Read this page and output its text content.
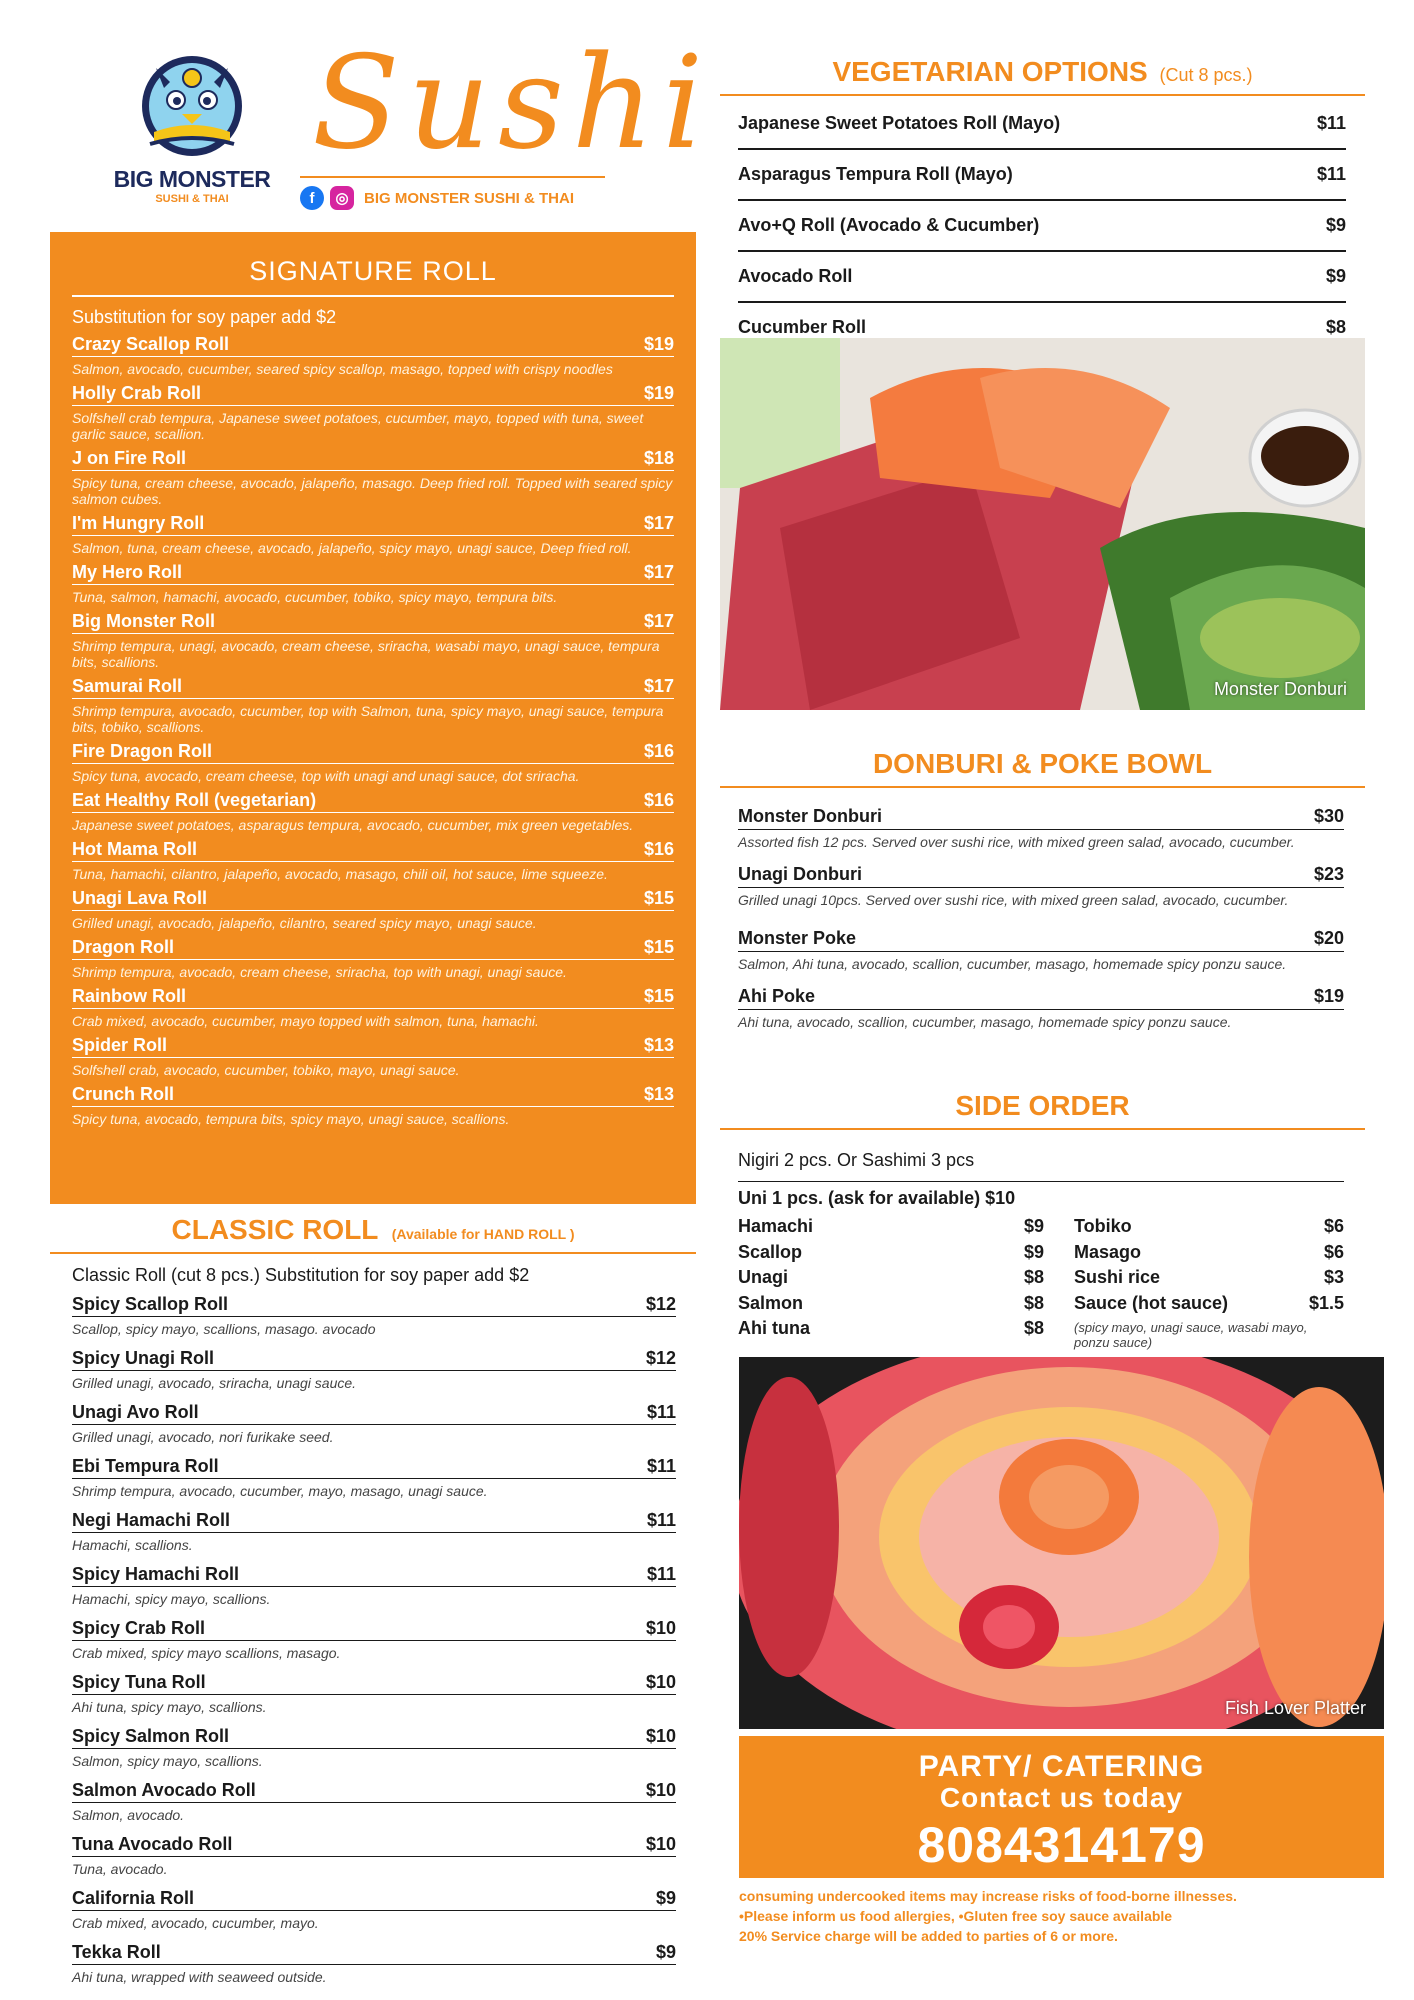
BIG MONSTER
SUSHI & THAI
Sushi
f	◎	BIG MONSTER SUSHI & THAI
SIGNATURE ROLL
Substitution for soy paper add $2
Crazy Scallop Roll	$19
Salmon, avocado, cucumber, seared spicy scallop, masago, topped with crispy noodles
Holly Crab Roll	$19
Solfshell crab tempura, Japanese sweet potatoes, cucumber, mayo, topped with tuna, sweet garlic sauce, scallion.
J on Fire Roll	$18
Spicy tuna, cream cheese, avocado, jalapeño, masago. Deep fried roll. Topped with seared spicy salmon cubes.
I'm Hungry Roll	$17
Salmon, tuna, cream cheese, avocado, jalapeño, spicy mayo, unagi sauce, Deep fried roll.
My Hero Roll	$17
Tuna, salmon, hamachi, avocado, cucumber, tobiko, spicy mayo, tempura bits.
Big Monster Roll	$17
Shrimp tempura, unagi, avocado, cream cheese, sriracha, wasabi mayo, unagi sauce, tempura bits, scallions.
Samurai Roll	$17
Shrimp tempura, avocado, cucumber, top with Salmon, tuna, spicy mayo, unagi sauce, tempura bits, tobiko, scallions.
Fire Dragon Roll	$16
Spicy tuna, avocado, cream cheese, top with unagi and unagi sauce, dot sriracha.
Eat Healthy Roll (vegetarian)	$16
Japanese sweet potatoes, asparagus tempura, avocado, cucumber, mix green vegetables.
Hot Mama Roll	$16
Tuna, hamachi, cilantro, jalapeño, avocado, masago, chili oil, hot sauce, lime squeeze.
Unagi Lava Roll	$15
Grilled unagi, avocado, jalapeño, cilantro, seared spicy mayo, unagi sauce.
Dragon Roll	$15
Shrimp tempura, avocado, cream cheese, sriracha, top with unagi, unagi sauce.
Rainbow Roll	$15
Crab mixed, avocado, cucumber, mayo topped with salmon, tuna, hamachi.
Spider Roll	$13
Solfshell crab, avocado, cucumber, tobiko, mayo, unagi sauce.
Crunch Roll	$13
Spicy tuna, avocado, tempura bits, spicy mayo, unagi sauce, scallions.
CLASSIC ROLL (Available for HAND ROLL )
Classic Roll (cut 8 pcs.) Substitution for soy paper add $2
Spicy Scallop Roll	$12
Scallop, spicy mayo, scallions, masago. avocado
Spicy Unagi Roll	$12
Grilled unagi, avocado, sriracha, unagi sauce.
Unagi Avo Roll	$11
Grilled unagi, avocado, nori furikake seed.
Ebi Tempura Roll	$11
Shrimp tempura, avocado, cucumber, mayo, masago, unagi sauce.
Negi Hamachi Roll	$11
Hamachi, scallions.
Spicy Hamachi Roll	$11
Hamachi, spicy mayo, scallions.
Spicy Crab Roll	$10
Crab mixed, spicy mayo scallions, masago.
Spicy Tuna Roll	$10
Ahi tuna, spicy mayo, scallions.
Spicy Salmon Roll	$10
Salmon, spicy mayo, scallions.
Salmon Avocado Roll	$10
Salmon, avocado.
Tuna Avocado Roll	$10
Tuna, avocado.
California Roll	$9
Crab mixed, avocado, cucumber, mayo.
Tekka Roll	$9
Ahi tuna, wrapped with seaweed outside.
VEGETARIAN OPTIONS (Cut 8 pcs.)
Japanese Sweet Potatoes Roll (Mayo)	$11
Asparagus Tempura Roll (Mayo)	$11
Avo+Q Roll (Avocado & Cucumber)	$9
Avocado Roll	$9
Cucumber Roll	$8
Monster Donburi
DONBURI & POKE BOWL
Monster Donburi	$30
Assorted fish 12 pcs. Served over sushi rice, with mixed green salad, avocado, cucumber.
Unagi Donburi	$23
Grilled unagi 10pcs. Served over sushi rice, with mixed green salad, avocado, cucumber.
Monster Poke	$20
Salmon, Ahi tuna, avocado, scallion, cucumber, masago, homemade spicy ponzu sauce.
Ahi Poke	$19
Ahi tuna, avocado, scallion, cucumber, masago, homemade spicy ponzu sauce.
SIDE ORDER
Nigiri 2 pcs. Or Sashimi 3 pcs
Uni 1 pcs. (ask for available) $10
Hamachi	$9
Scallop	$9
Unagi	$8
Salmon	$8
Ahi tuna	$8
Tobiko	$6
Masago	$6
Sushi rice	$3
Sauce (hot sauce)	$1.5
(spicy mayo, unagi sauce, wasabi mayo, ponzu sauce)
Fish Lover Platter
PARTY/ CATERING
Contact us today
8084314179
consuming undercooked items may increase risks of food-borne illnesses.
•Please inform us food allergies, •Gluten free soy sauce available
20% Service charge will be added to parties of 6 or more.
